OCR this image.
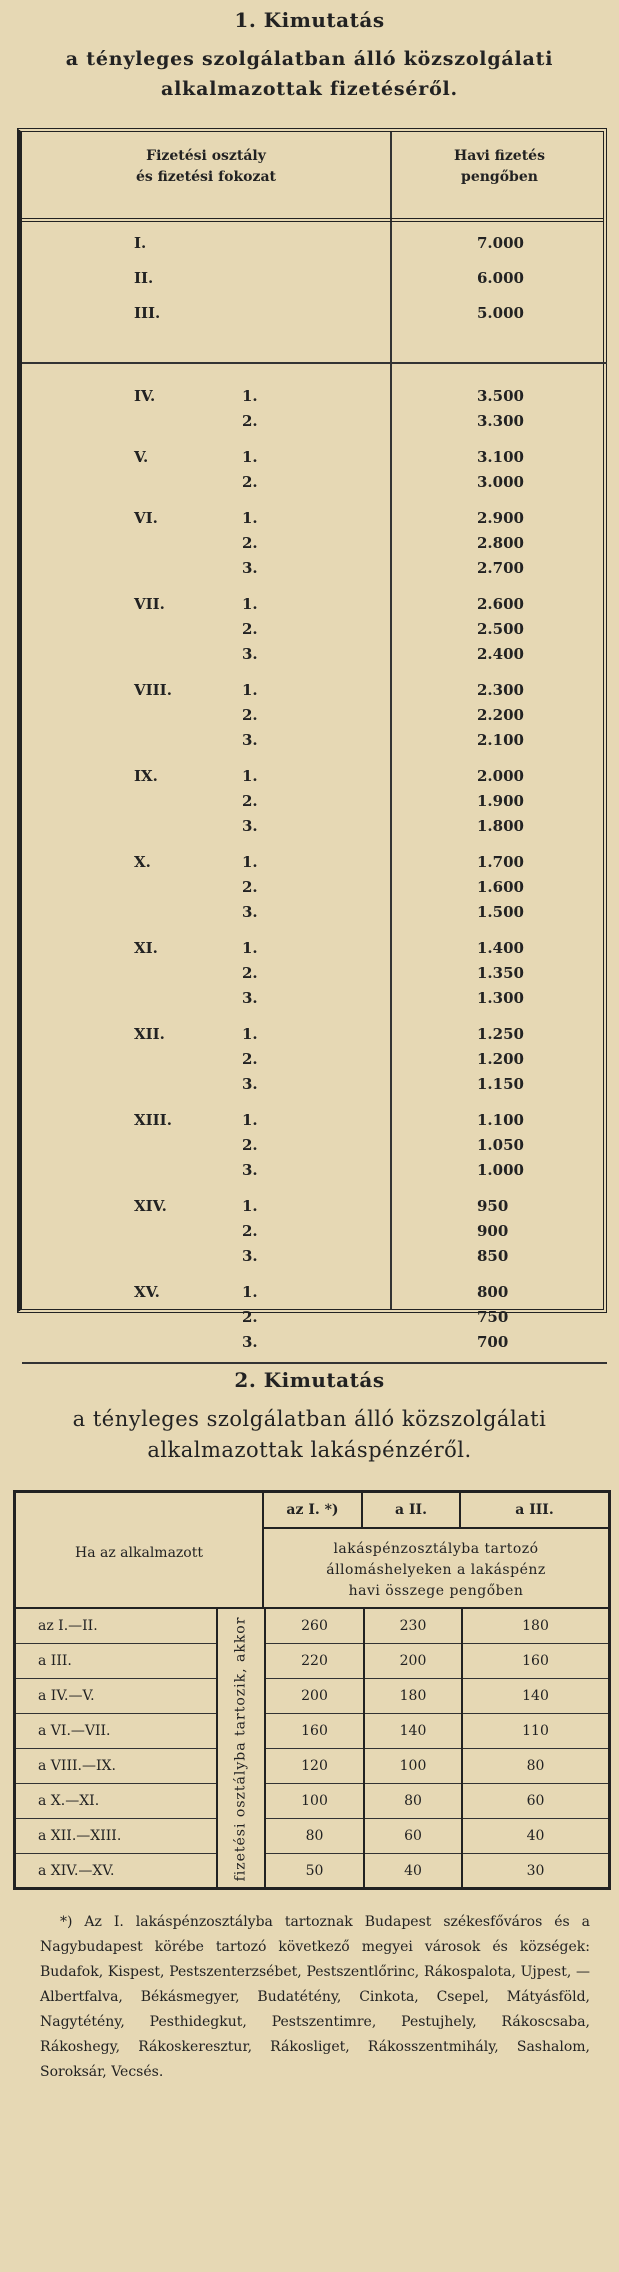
1. Kimutatás
a tényleges szolgálatban álló közszolgálati
alkalmazottak fizetéséről.
Fizetési osztály
és fizetési fokozat
Havi fizetés
pengőben
I.	7.000
II.	6.000
III.	5.000
IV.	1.	3.500
2.	3.300
V.	1.	3.100
2.	3.000
VI.	1.	2.900
2.	2.800
3.	2.700
VII.	1.	2.600
2.	2.500
3.	2.400
VIII.	1.	2.300
2.	2.200
3.	2.100
IX.	1.	2.000
2.	1.900
3.	1.800
X.	1.	1.700
2.	1.600
3.	1.500
XI.	1.	1.400
2.	1.350
3.	1.300
XII.	1.	1.250
2.	1.200
3.	1.150
XIII.	1.	1.100
2.	1.050
3.	1.000
XIV.	1.	950
2.	900
3.	850
XV.	1.	800
2.	750
3.	700
2. Kimutatás
a tényleges szolgálatban álló közszolgálati
alkalmazottak lakáspénzéről.
Ha az alkalmazott
az I. *)	a II.	a III.
lakáspénzosztályba tartozó
állomáshelyeken a lakáspénz
havi összege pengőben
fizetési osztályba tartozik, akkor
az I.—II.	260	230	180
a III.	220	200	160
a IV.—V.	200	180	140
a VI.—VII.	160	140	110
a VIII.—IX.	120	100	80
a X.—XI.	100	80	60
a XII.—XIII.	80	60	40
a XIV.—XV.	50	40	30
*) Az I. lakáspénzosztályba tartoznak Budapest székesfőváros és a Nagybudapest körébe tartozó következő megyei városok és községek: Budafok, Kispest, Pestszenterzsébet, Pestszentlőrinc, Rákospalota, Ujpest, — Albertfalva, Békásmegyer, Budatétény, Cinkota, Csepel, Mátyásföld, Nagytétény, Pesthidegkut, Pestszentimre, Pestujhely, Rákoscsaba, Rákoshegy, Rákoskeresztur, Rákosliget, Rákosszentmihály, Sashalom, Soroksár, Vecsés.
